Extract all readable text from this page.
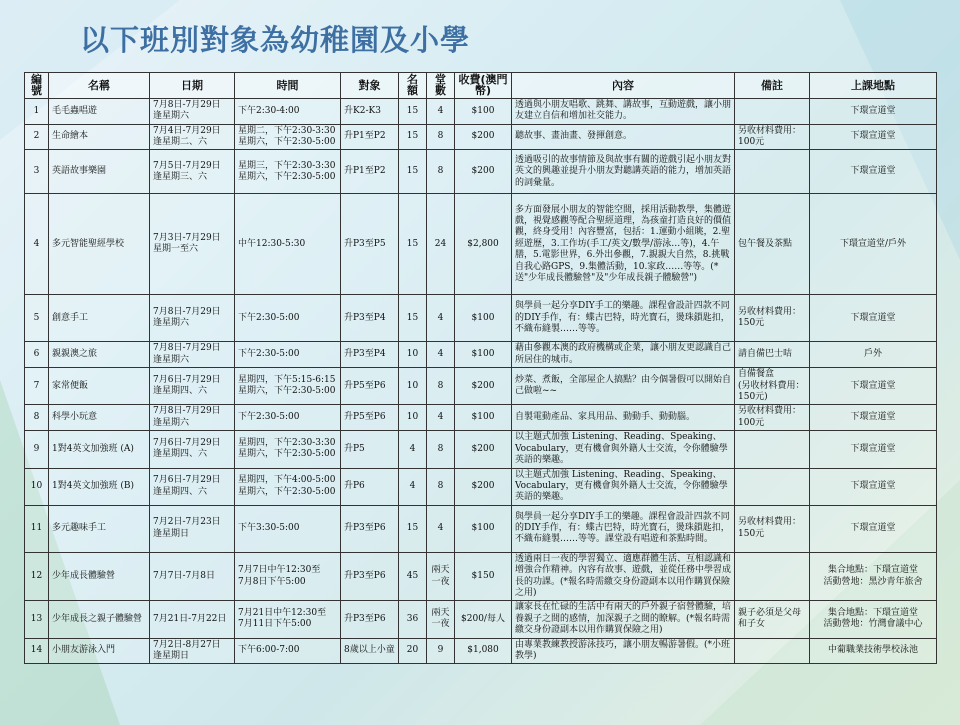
以下班別對象為幼稚園及小學
編號	名稱	日期	時間	對象	名額	堂數	收費(澳門幣)	內容	備註	上課地點
1	毛毛蟲唱遊	7月8日-7月29日
逢星期六	下午2:30-4:00	升K2-K3	15	4	$100	透過與小朋友唱歌、跳舞、講故事，互動遊戲，讓小朋友建立自信和增加社交能力。		下環宣道堂
2	生命繪本	7月4日-7月29日
逢星期二、六	星期二，下午2:30-3:30
星期六，下午2:30-5:00	升P1至P2	15	8	$200	聽故事、畫油畫、發揮創意。	另收材料費用：100元	下環宣道堂
3	英語故事樂園	7月5日-7月29日
逢星期三、六	星期三，下午2:30-3:30
星期六，下午2:30-5:00	升P1至P2	15	8	$200	透過吸引的故事情節及與故事有關的遊戲引起小朋友對英文的興趣並提升小朋友對聽講英語的能力，增加英語的詞彙量。		下環宣道堂
4	多元智能聖經學校	7月3日-7月29日
星期一至六	中午12:30-5:30	升P3至P5	15	24	$2,800	多方面發展小朋友的智能空間，採用活動教學，集體遊戲，視覺感觀等配合聖經道理，為孩童打造良好的價值觀，終身受用！內容豐富，包括：1.運動小組眺，2.聖經遊歷，3.工作坊(手工/英文/數學/游泳…等)，4.午膳，5.電影世界，6.外出參觀，7.親親大自然，8.挑戰自我心路GPS，9.集體活動，10.家政……等等。(*送"少年成長體驗營"及"少年成長親子體驗營")	包午餐及茶點	下環宣道堂/戶外
5	創意手工	7月8日-7月29日
逢星期六	下午2:30-5:00	升P3至P4	15	4	$100	與學員一起分享DIY手工的樂趣。課程會設計四款不同的DIY手作，有：蝶古巴特，時光寶石，燙珠鎖匙扣，不織布縫製……等等。	另收材料費用：150元	下環宣道堂
6	親親澳之旅	7月8日-7月29日
逢星期六	下午2:30-5:00	升P3至P4	10	4	$100	藉由參觀本澳的政府機構或企業，讓小朋友更認識自己所居住的城市。	請自備巴士咭	戶外
7	家常便飯	7月6日-7月29日
逢星期四、六	星期四，下午5:15-6:15
星期六，下午2:30-5:00	升P5至P6	10	8	$200	炒菜、煮飯，全部屋企人搞點？由今個暑假可以開始自己做啦~~	自備餐盒
(另收材料費用：150元)	下環宣道堂
8	科學小玩意	7月8日-7月29日
逢星期六	下午2:30-5:00	升P5至P6	10	4	$100	自製電動產品、家具用品、動動手、動動腦。	另收材料費用：100元	下環宣道堂
9	1對4英文加強班 (A)	7月6日-7月29日
逢星期四、六	星期四，下午2:30-3:30
星期六，下午2:30-5:00	升P5	4	8	$200	以主題式加強 Listening、Reading、Speaking、Vocabulary，更有機會與外籍人士交流，令你體驗學英語的樂趣。		下環宣道堂
10	1對4英文加強班 (B)	7月6日-7月29日
逢星期四、六	星期四，下午4:00-5:00
星期六，下午2:30-5:00	升P6	4	8	$200	以主題式加強 Listening、Reading、Speaking、Vocabulary，更有機會與外籍人士交流，令你體驗學英語的樂趣。		下環宣道堂
11	多元趣味手工	7月2日-7月23日
逢星期日	下午3:30-5:00	升P3至P6	15	4	$100	與學員一起分享DIY手工的樂趣。課程會設計四款不同的DIY手作，有：蝶古巴特，時光寶石，燙珠鎖匙扣，不織布縫製……等等。課堂設有唱遊和茶點時間。	另收材料費用：150元	下環宣道堂
12	少年成長體驗營	7月7日-7月8日	7月7日中午12:30至
7月8日下午5:00	升P3至P6	45	兩天一夜	$150	透過兩日一夜的學習獨立、適應群體生活、互相認識和增強合作精神。內容有故事、遊戲，並從任務中學習成長的功課。(*報名時需繳交身份證副本以用作購買保險之用)		集合地點：下環宣道堂
活動營地：黑沙青年旅舍
13	少年成長之親子體驗營	7月21日-7月22日	7月21日中午12:30至
7月11日下午5:00	升P3至P6	36	兩天一夜	$200/每人	讓家長在忙碌的生活中有兩天的戶外親子宿營體驗，培養親子之間的感情，加深親子之間的瞭解。(*報名時需繳交身份證副本以用作購買保險之用)	親子必須是父母和子女	集合地點：下環宣道堂
活動營地：竹灣會議中心
14	小朋友游泳入門	7月2日-8月27日
逢星期日	下午6:00-7:00	8歲以上小童	20	9	$1,080	由專業教練教授游泳技巧，讓小朋友暢游暑假。(*小班教學)		中葡職業技術學校泳池
